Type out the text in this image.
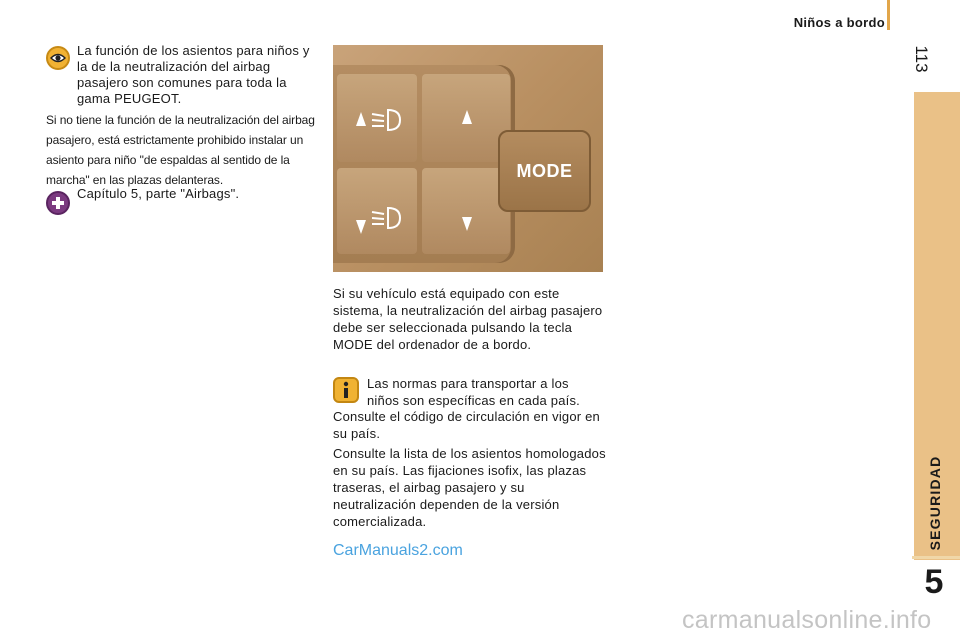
Niños a bordo
113
SEGURIDAD
5
La función de los asientos para niños y la de la neutralización del airbag pasajero son comunes para toda la gama PEUGEOT.
Si no tiene la función de la neutralización del airbag pasajero, está estrictamente prohibido instalar un asiento para niño "de espaldas al sentido de la marcha" en las plazas delanteras.
Capítulo 5, parte "Airbags".
MODE
Si su vehículo está equipado con este sistema, la neutralización del airbag pasajero debe ser seleccionada pulsando la tecla MODE del ordenador de a bordo.
Las normas para transportar a los niños son específicas en cada país.
Consulte el código de circulación en vigor en su país.
Consulte la lista de los asientos homologados en su país. Las fijaciones isofix, las plazas traseras, el airbag pasajero y su neutralización dependen de la versión comercializada.
CarManuals2.com
carmanualsonline.info
